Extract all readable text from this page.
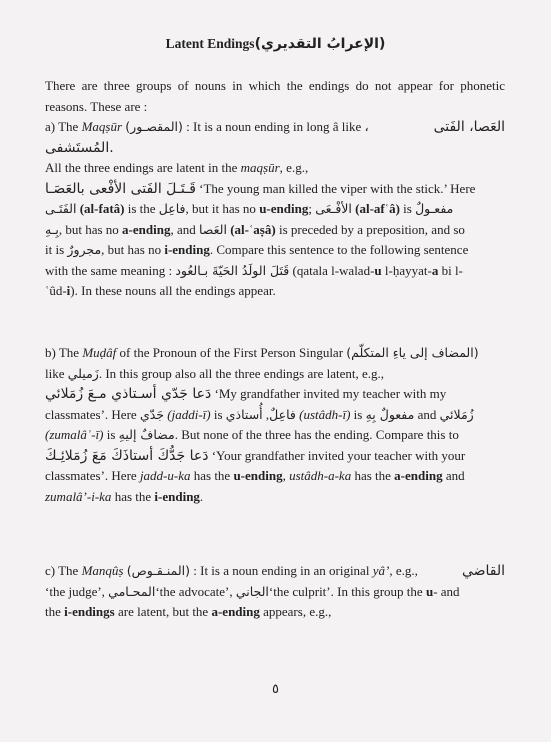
Latent Endings(الإعرابُ التقديري)
There are three groups of nouns in which the endings do not appear for phonetic reasons. These are :
a) The Maqṣūr (المقصـور) : It is a noun ending in long â like ،	العَصا، الفَتى
المُستَشفى.
All the three endings are latent in the maqṣūr, e.g.,
قَـتَـلَ الفَتى الأفْعى بالعَصَـا ‘The young man killed the viper with the stick.’ Here
الفَتَـى (al-fatâ) is the فاعِل, but it has no u-ending; الأفْـعَى (al-afʿâ) is مفعـولٌ
بِـهِ, but has no a-ending, and العَصا (al-ʿaṣâ) is preceded by a preposition, and so
it is مجرورٌ, but has no i-ending. Compare this sentence to the following sentence
with the same meaning : قَتَلَ الولَدُ الحَيّةَ بـالعُود (qatala l-walad-u l-ḥayyat-a bi l-
ʿûd-i). In these nouns all the endings appear.
b) The Muḍâf of the Pronoun of the First Person Singular (المضاف إلى ياءِ المتكلّم)
like زَميلي. In this group also all the three endings are latent, e.g.,
دَعا جَدّي أسـتاذي مـعَ زُمَلائي ‘My grandfather invited my teacher with my
classmates’. Here جَدّي (jaddi-ī) is	فاعِلٌ, أُستاذي	(ustâdh-ī) is مفعولٌ بِهِ and زُمَلائي
(zumalâʾ-ī) is مضافٌ إليهِ. But none of the three has the ending. Compare this to
دَعا جَدُّكَ أستاذَكَ مَعَ زُمَلائِـكَ ‘Your grandfather invited your teacher with your
classmates’. Here jadd-u-ka has the u-ending, ustâdh-a-ka has the a-ending and
zumalâ’-i-ka has the i-ending.
c) The Manqûṣ (المنـقـوص) : It is a noun ending in an original yâ’, e.g.,	القاضي
‘the judge’, المحـامي‘the advocate’, الجاني‘the culprit’. In this group the u- and
the i-endings are latent, but the a-ending appears, e.g.,
٥
